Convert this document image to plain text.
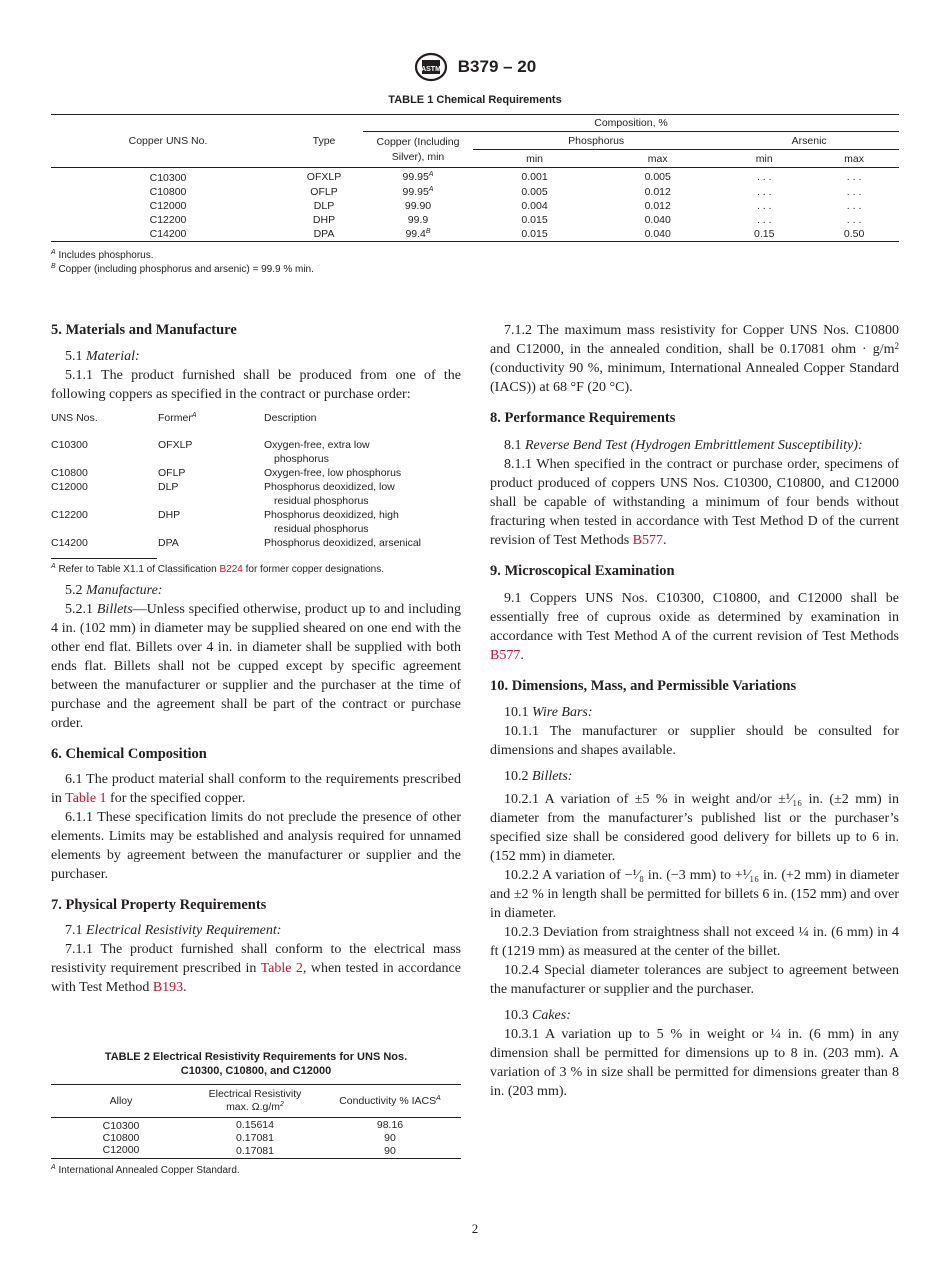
ASTM B379 – 20
TABLE 1 Chemical Requirements
Copper UNS No.	Type	Composition, %				
		Copper (Including
Silver), min	Phosphorus		Arsenic	
			min	max	min	max
C10300	OFXLP	$99.95^A$	0.001	0.005	. . .	. . .
C10800	OFLP	$99.95^A$	0.005	0.012	. . .	. . .
C12000	DLP	99.90	0.004	0.012	. . .	. . .
C12200	DHP	99.9	0.015	0.040	. . .	. . .
C14200	DPA	$99.4^B$	0.015	0.040	0.15	0.50
$^A$ Includes phosphorus.
$^B$ Copper (including phosphorus and arsenic) = 99.9 % min.

5. Materials and Manufacture

5.1 Material:

5.1.1 The product furnished shall be produced from one of the following coppers as specified in the contract or purchase order:

UNS Nos.	Former$^A$	Description

C10300	OFXLP	Oxygen-free, extra low
phosphorus
C10800	OFLP	Oxygen-free, low phosphorus
C12000	DLP	Phosphorus deoxidized, low
residual phosphorus
C12200	DHP	Phosphorus deoxidized, high
residual phosphorus
C14200	DPA	Phosphorus deoxidized, arsenical
$^A$ Refer to Table X1.1 of Classification B224 for former copper designations.

5.2 Manufacture:

5.2.1 Billets—Unless specified otherwise, product up to and including 4 in. (102 mm) in diameter may be supplied sheared on one end with the other end flat. Billets over 4 in. in diameter shall be supplied with both ends flat. Billets shall not be cupped except by specific agreement between the manufacturer or supplier and the purchaser at the time of purchase and the agreement shall be part of the contract or purchase order.

6. Chemical Composition

6.1 The product material shall conform to the requirements prescribed in Table 1 for the specified copper.

6.1.1 These specification limits do not preclude the presence of other elements. Limits may be established and analysis required for unnamed elements by agreement between the manufacturer or supplier and the purchaser.

7. Physical Property Requirements

7.1 Electrical Resistivity Requirement:

7.1.1 The product furnished shall conform to the electrical mass resistivity requirement prescribed in Table 2, when tested in accordance with Test Method B193.

TABLE 2 Electrical Resistivity Requirements for UNS Nos.
C10300, C10800, and C12000
Alloy	Electrical Resistivity
max. $\Omega.g/m^2$	Conductivity % $IACS^A$
C10300	0.15614	98.16
C10800	0.17081	90
C12000	0.17081	90
$^A$ International Annealed Copper Standard.

7.1.2 The maximum mass resistivity for Copper UNS Nos. C10800 and C12000, in the annealed condition, shall be 0.17081 ohm · $g/m^2$ (conductivity 90 %, minimum, International Annealed Copper Standard (IACS)) at 68 °F (20 °C).

8. Performance Requirements

8.1 Reverse Bend Test (Hydrogen Embrittlement Susceptibility):

8.1.1 When specified in the contract or purchase order, specimens of product produced of coppers UNS Nos. C10300, C10800, and C12000 shall be capable of withstanding a minimum of four bends without fracturing when tested in accordance with Test Method D of the current revision of Test Methods B577.

9. Microscopical Examination

9.1 Coppers UNS Nos. C10300, C10800, and C12000 shall be essentially free of cuprous oxide as determined by examination in accordance with Test Method A of the current revision of Test Methods B577.

10. Dimensions, Mass, and Permissible Variations

10.1 Wire Bars:

10.1.1 The manufacturer or supplier should be consulted for dimensions and shapes available.

10.2 Billets:

10.2.1 A variation of ±5 % in weight and/or ±¹⁄₁₆ in. (±2 mm) in diameter from the manufacturer’s published list or the purchaser’s specified size shall be considered good delivery for billets up to 6 in. (152 mm) in diameter.

10.2.2 A variation of −¹⁄₈ in. (−3 mm) to +¹⁄₁₆ in. (+2 mm) in diameter and ±2 % in length shall be permitted for billets 6 in. (152 mm) and over in diameter.

10.2.3 Deviation from straightness shall not exceed ¼ in. (6 mm) in 4 ft (1219 mm) as measured at the center of the billet.

10.2.4 Special diameter tolerances are subject to agreement between the manufacturer or supplier and the purchaser.

10.3 Cakes:

10.3.1 A variation up to 5 % in weight or ¼ in. (6 mm) in any dimension shall be permitted for dimensions up to 8 in. (203 mm). A variation of 3 % in size shall be permitted for dimensions greater than 8 in. (203 mm).

2
